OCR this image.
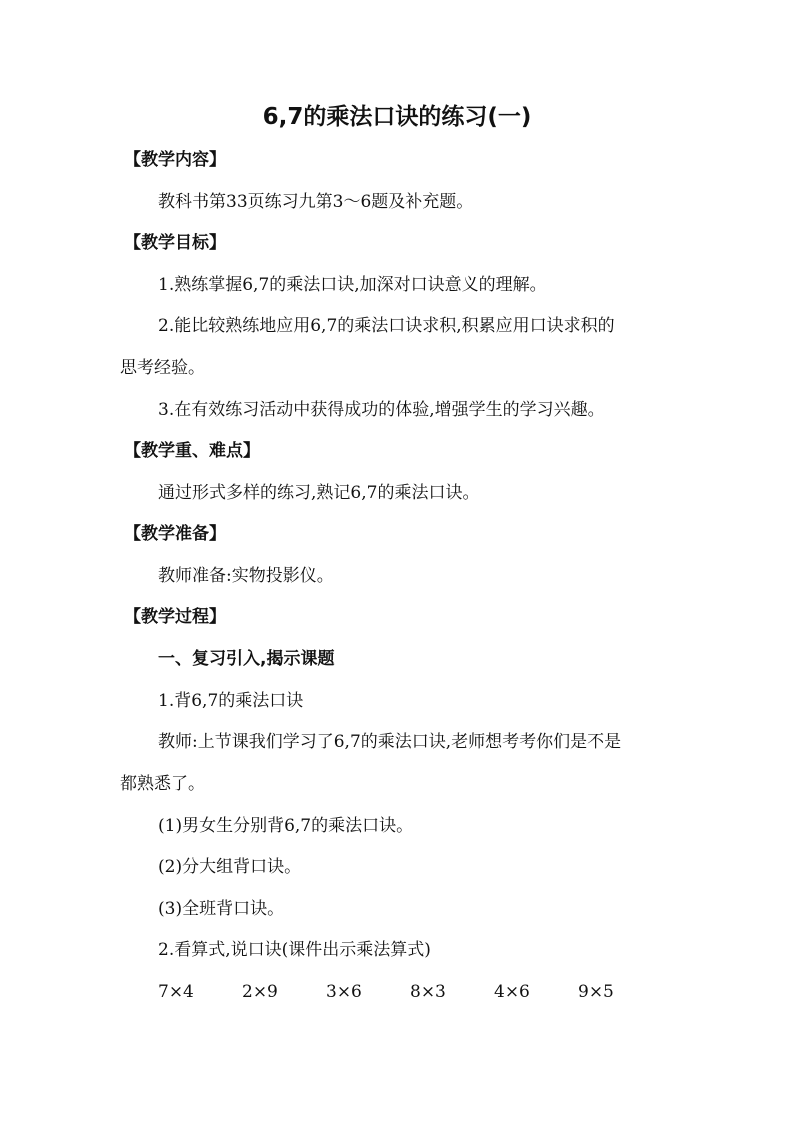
6,7的乘法口诀的练习(一)
【教学内容】
教科书第33页练习九第3～6题及补充题。
【教学目标】
1.熟练掌握6,7的乘法口诀,加深对口诀意义的理解。
2.能比较熟练地应用6,7的乘法口诀求积,积累应用口诀求积的
思考经验。
3.在有效练习活动中获得成功的体验,增强学生的学习兴趣。
【教学重、难点】
通过形式多样的练习,熟记6,7的乘法口诀。
【教学准备】
教师准备:实物投影仪。
【教学过程】
一、复习引入,揭示课题
1.背6,7的乘法口诀
教师:上节课我们学习了6,7的乘法口诀,老师想考考你们是不是
都熟悉了。
(1)男女生分别背6,7的乘法口诀。
(2)分大组背口诀。
(3)全班背口诀。
2.看算式,说口诀(课件出示乘法算式)
7×4	2×9	3×6	8×3	4×6	9×5
